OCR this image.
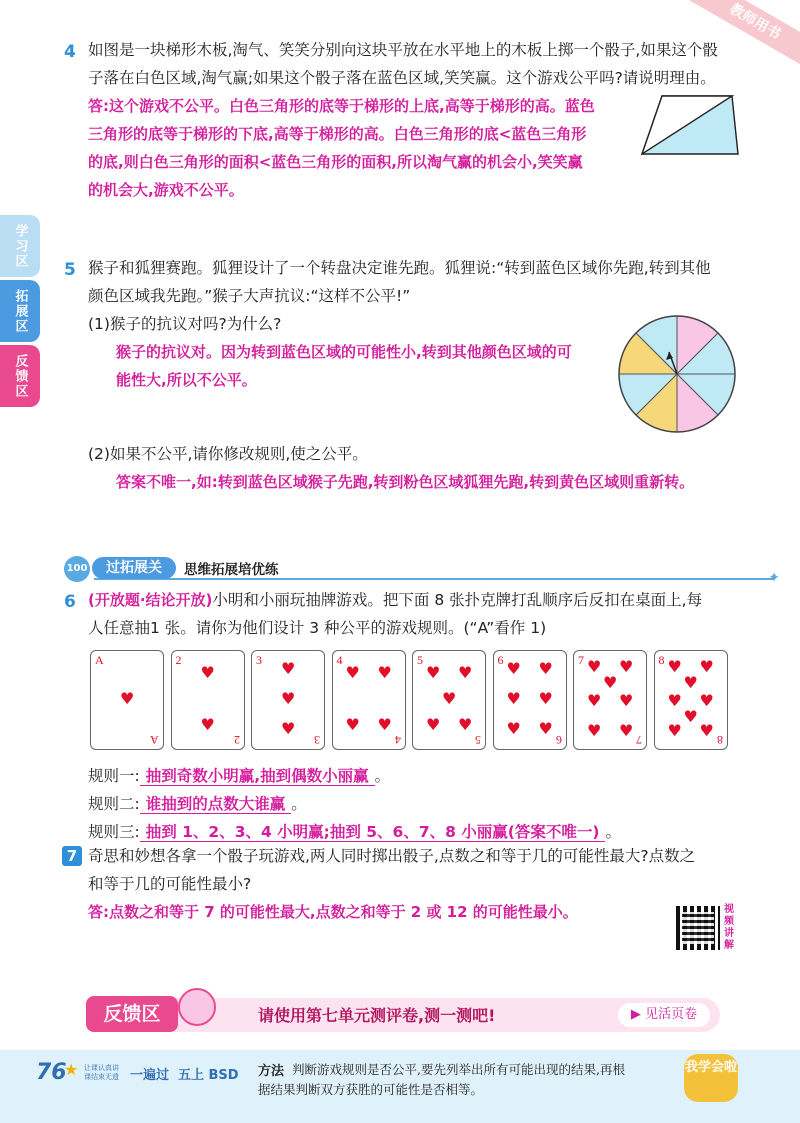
教师用书
学习区
拓展区
反馈区
4 如图是一块梯形木板,淘气、笑笑分别向这块平放在水平地上的木板上掷一个骰子,如果这个骰
子落在白色区域,淘气赢;如果这个骰子落在蓝色区域,笑笑赢。这个游戏公平吗?请说明理由。
答:这个游戏不公平。白色三角形的底等于梯形的上底,高等于梯形的高。蓝色
三角形的底等于梯形的下底,高等于梯形的高。白色三角形的底<蓝色三角形
的底,则白色三角形的面积<蓝色三角形的面积,所以淘气赢的机会小,笑笑赢
的机会大,游戏不公平。
5 猴子和狐狸赛跑。狐狸设计了一个转盘决定谁先跑。狐狸说:“转到蓝色区域你先跑,转到其他
颜色区域我先跑。”猴子大声抗议:“这样不公平!”
(1)猴子的抗议对吗?为什么?
猴子的抗议对。因为转到蓝色区域的可能性小,转到其他颜色区域的可
能性大,所以不公平。
(2)如果不公平,请你修改规则,使之公平。
答案不唯一,如:转到蓝色区域猴子先跑,转到粉色区域狐狸先跑,转到黄色区域则重新转。
100	过拓展关	思维拓展培优练	✦
6 (开放题·结论开放)小明和小丽玩抽牌游戏。把下面 8 张扑克牌打乱顺序后反扣在桌面上,每
人任意抽1 张。请你为他们设计 3 种公平的游戏规则。(“A”看作 1)
A
A
♥
2
2
♥
♥
3
3
♥
♥
♥
4
4
♥ ♥
♥ ♥
5
5
♥ ♥
♥
♥ ♥
6
6
♥ ♥
♥ ♥
♥ ♥
7
7
♥ ♥
♥
♥ ♥
♥ ♥
8
8
♥ ♥
♥
♥ ♥
♥
♥ ♥
规则一: 抽到奇数小明赢,抽到偶数小丽赢 。
规则二: 谁抽到的点数大谁赢 。
规则三: 抽到 1、2、3、4 小明赢;抽到 5、6、7、8 小丽赢(答案不唯一) 。
7 奇思和妙想各拿一个骰子玩游戏,两人同时掷出骰子,点数之和等于几的可能性最大?点数之
和等于几的可能性最小?
答:点数之和等于 7 的可能性最大,点数之和等于 2 或 12 的可能性最小。	视频讲解
反馈区	请使用第七单元测评卷,测一测吧!	▶ 见活页卷
76
★ 让课认真讲
课结束无遗 一遍过 五上 BSD 方法 判断游戏规则是否公平,要先列举出所有可能出现的结果,再根
据结果判断双方获胜的可能性是否相等。
我学会啦
